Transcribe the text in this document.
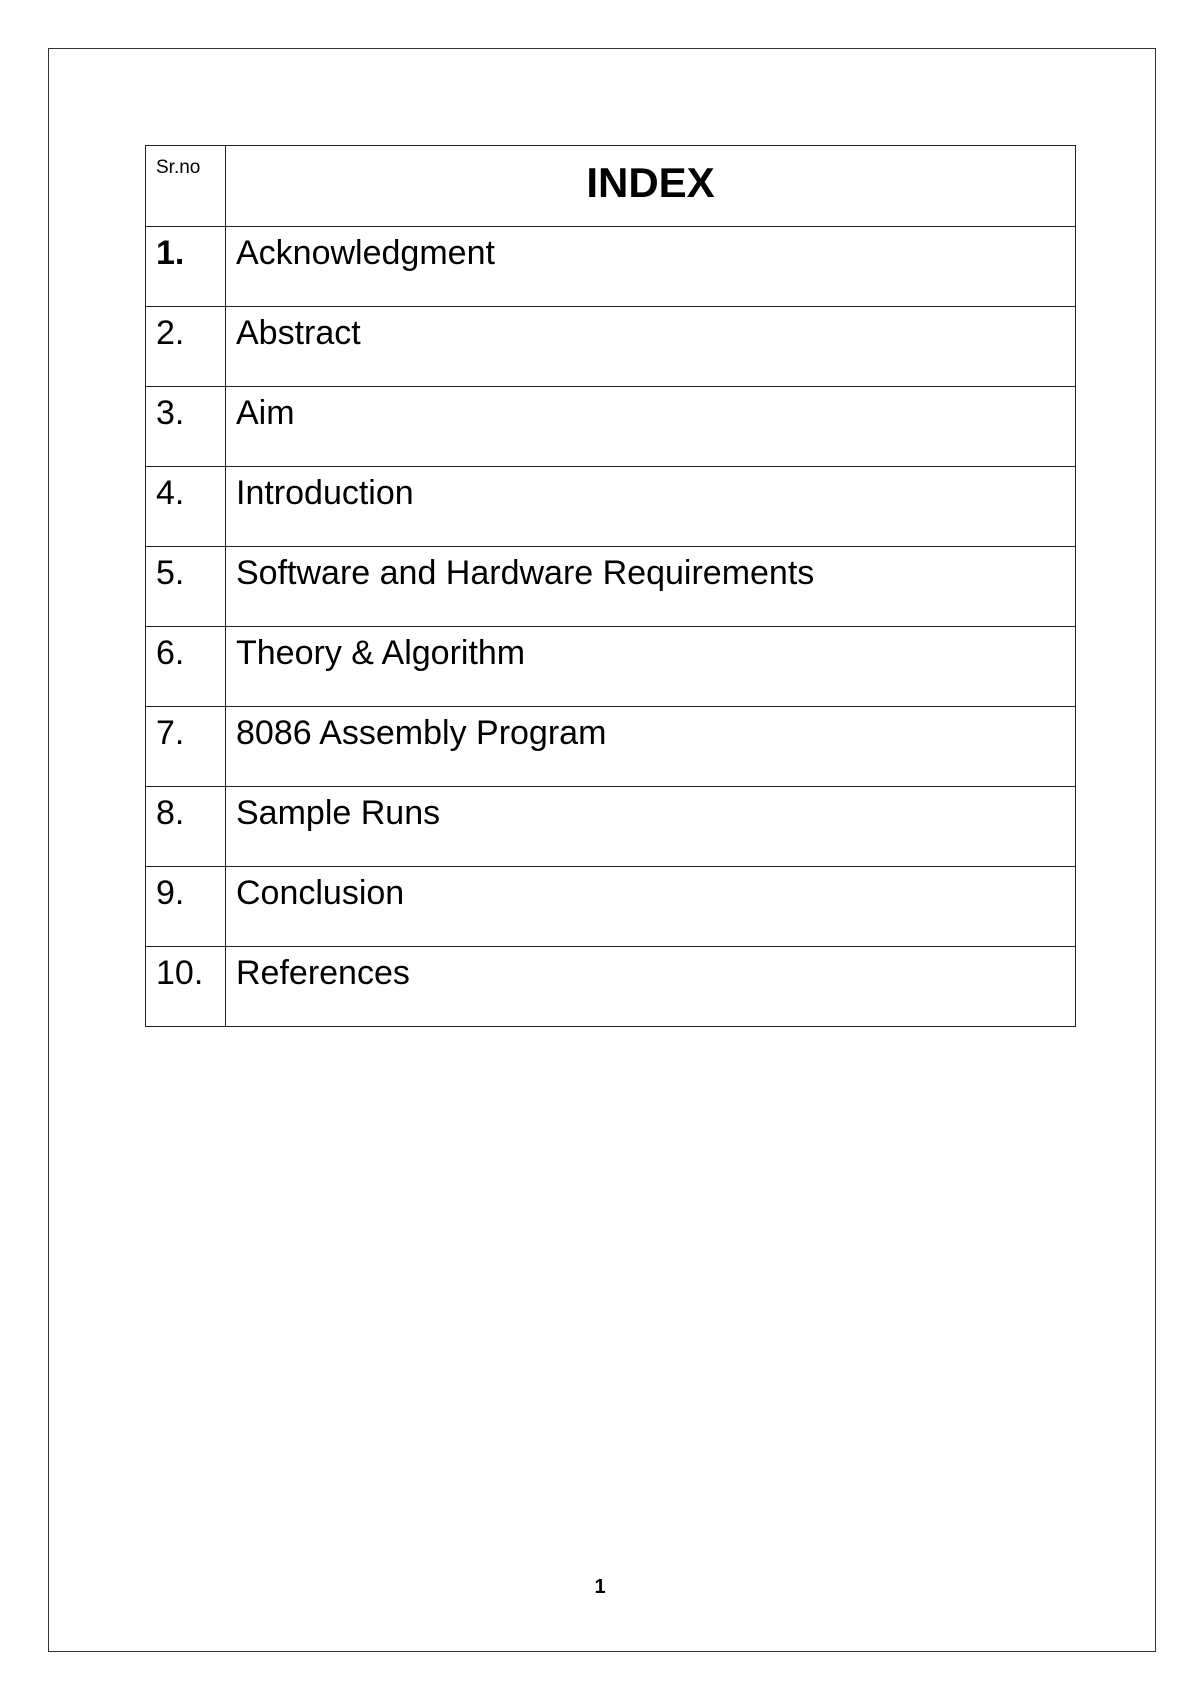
Sr.no	INDEX
1.	Acknowledgment
2.	Abstract
3.	Aim
4.	Introduction
5.	Software and Hardware Requirements
6.	Theory & Algorithm
7.	8086 Assembly Program
8.	Sample Runs
9.	Conclusion
10.	References
1
